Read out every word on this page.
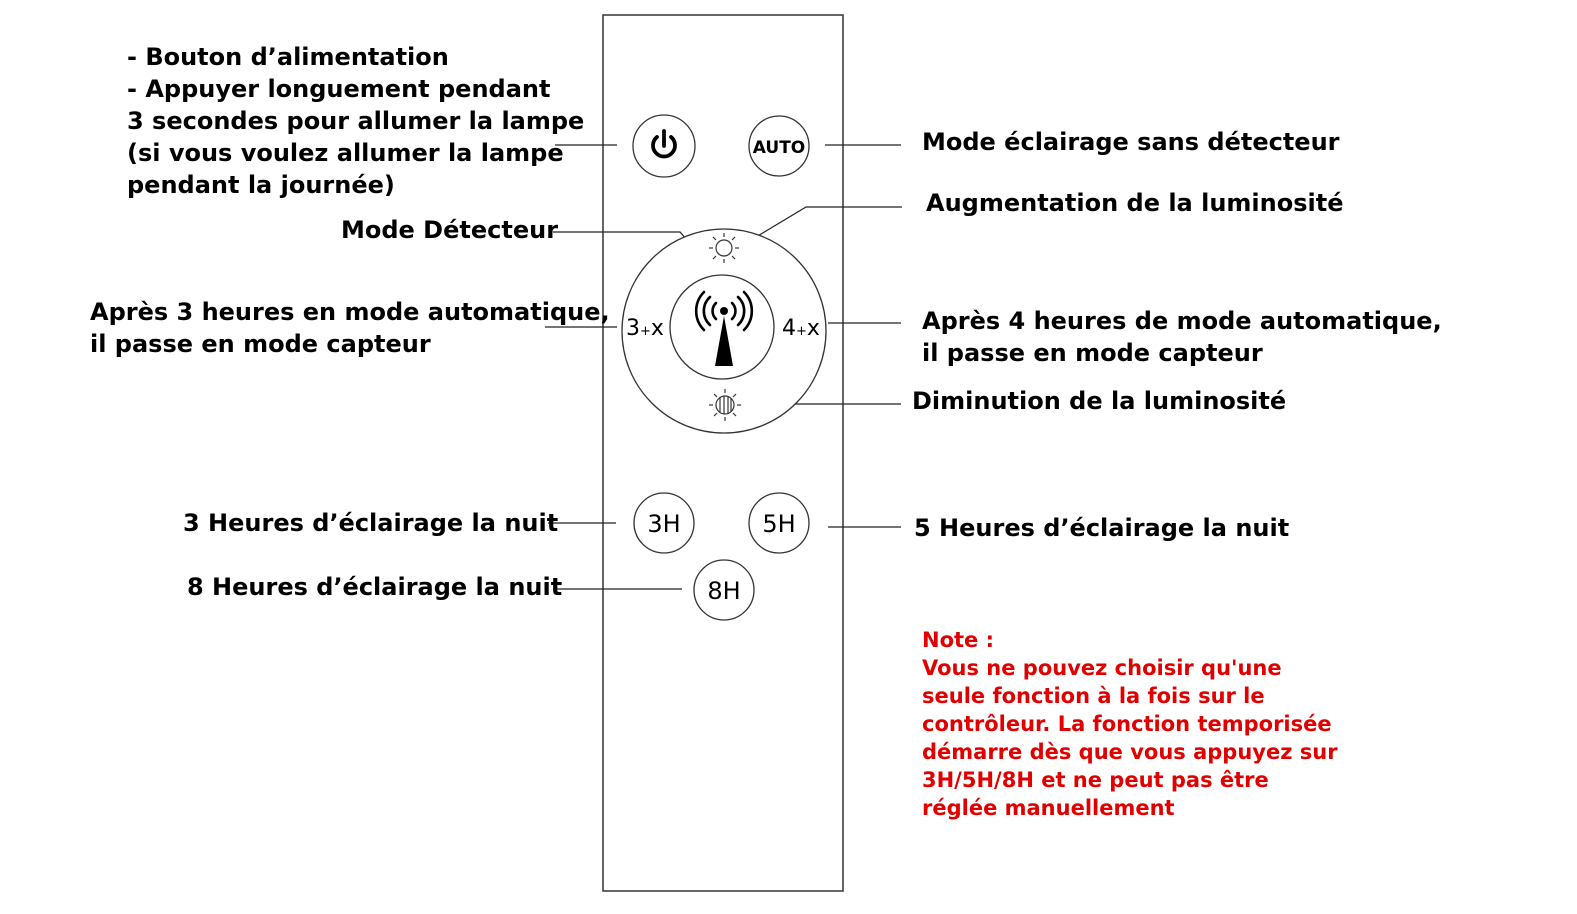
AUTO
3+x	4+x
3H	5H
8H
- Bouton d’alimentation
- Appuyer longuement pendant
3 secondes pour allumer la lampe
(si vous voulez allumer la lampe
pendant la journée)
Mode Détecteur
Après 3 heures en mode automatique,
il passe en mode capteur
3 Heures d’éclairage la nuit
8 Heures d’éclairage la nuit
Mode éclairage sans détecteur
Augmentation de la luminosité
Après 4 heures de mode automatique,
il passe en mode capteur
Diminution de la luminosité
5 Heures d’éclairage la nuit
Note :
Vous ne pouvez choisir qu'une
seule fonction à la fois sur le
contrôleur. La fonction temporisée
démarre dès que vous appuyez sur
3H/5H/8H et ne peut pas être
réglée manuellement
